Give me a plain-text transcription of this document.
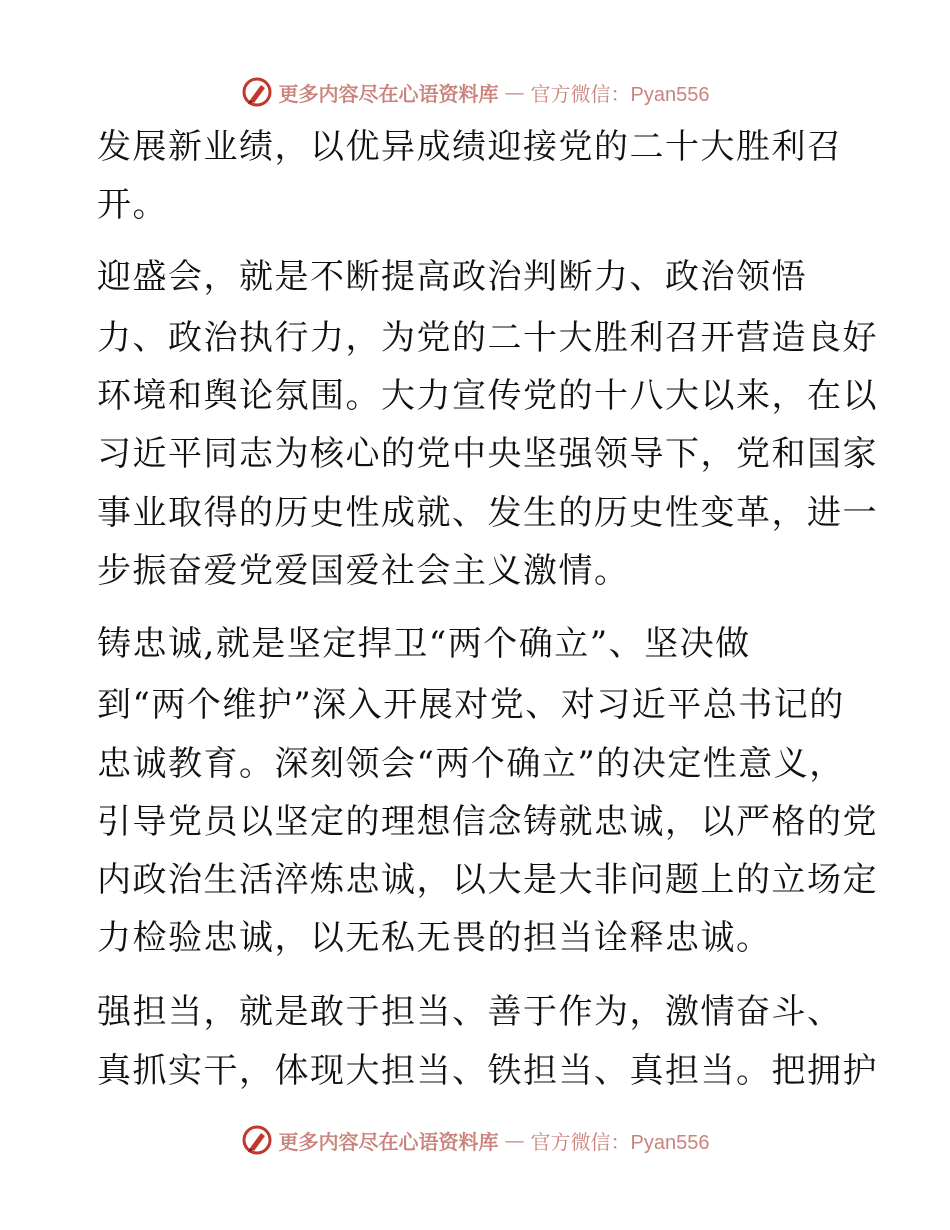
更多内容尽在心语资料库 — 官方微信：Pyan556
发展新业绩，以优异成绩迎接党的二十大胜利召
开。
迎盛会，就是不断提高政治判断力、政治领悟
力、政治执行力，为党的二十大胜利召开营造良好
环境和舆论氛围。大力宣传党的十八大以来，在以
习近平同志为核心的党中央坚强领导下，党和国家
事业取得的历史性成就、发生的历史性变革，进一
步振奋爱党爱国爱社会主义激情。
铸忠诚,就是坚定捍卫“两个确立”、坚决做
到“两个维护”深入开展对党、对习近平总书记的
忠诚教育。深刻领会“两个确立”的决定性意义，
引导党员以坚定的理想信念铸就忠诚，以严格的党
内政治生活淬炼忠诚，以大是大非问题上的立场定
力检验忠诚，以无私无畏的担当诠释忠诚。
强担当，就是敢于担当、善于作为，激情奋斗、
真抓实干，体现大担当、铁担当、真担当。把拥护
更多内容尽在心语资料库 — 官方微信：Pyan556
